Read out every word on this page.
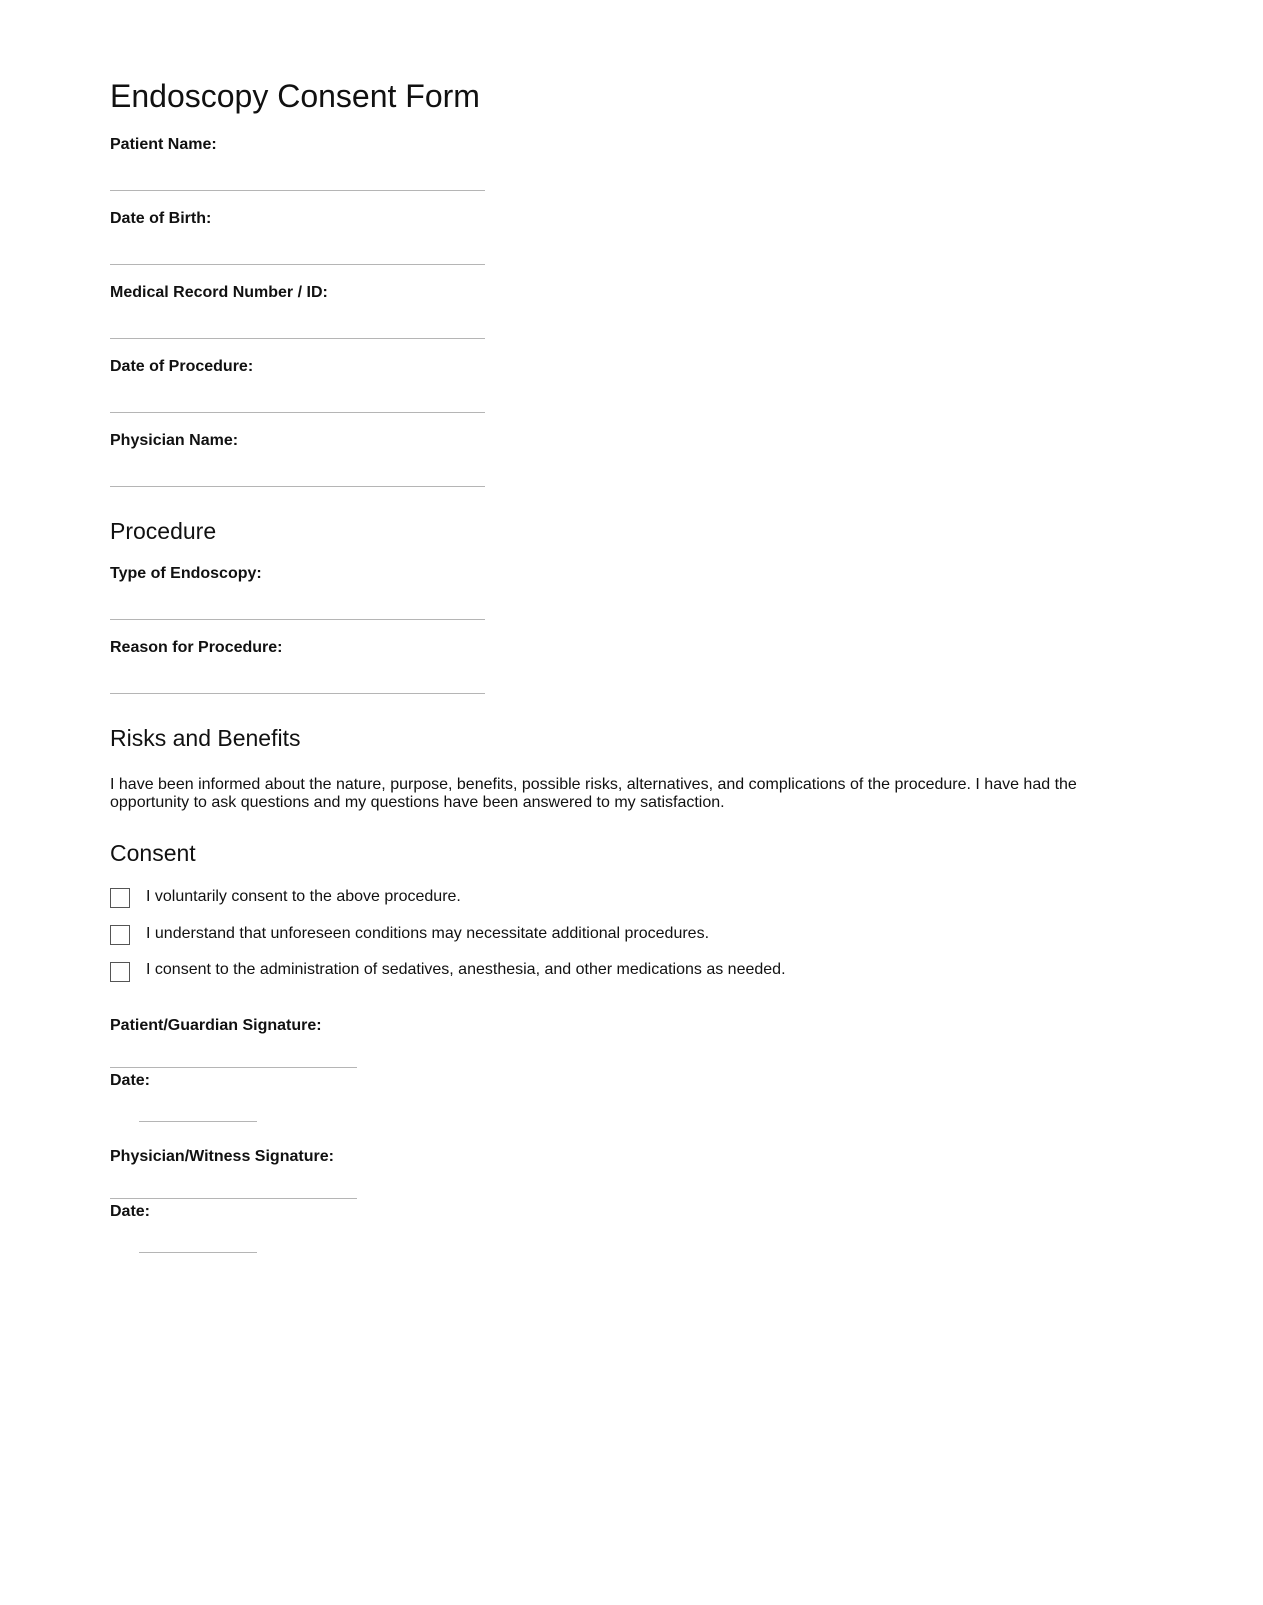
Endoscopy Consent Form
Patient Name:
Date of Birth:
Medical Record Number / ID:
Date of Procedure:
Physician Name:
Procedure
Type of Endoscopy:
Reason for Procedure:
Risks and Benefits

I have been informed about the nature, purpose, benefits, possible risks, alternatives, and complications of the procedure. I have had the opportunity to ask questions and my questions have been answered to my satisfaction.

Consent
I voluntarily consent to the above procedure.
I understand that unforeseen conditions may necessitate additional procedures.
I consent to the administration of sedatives, anesthesia, and other medications as needed.
Patient/Guardian Signature:
Date:
Physician/Witness Signature:
Date:
